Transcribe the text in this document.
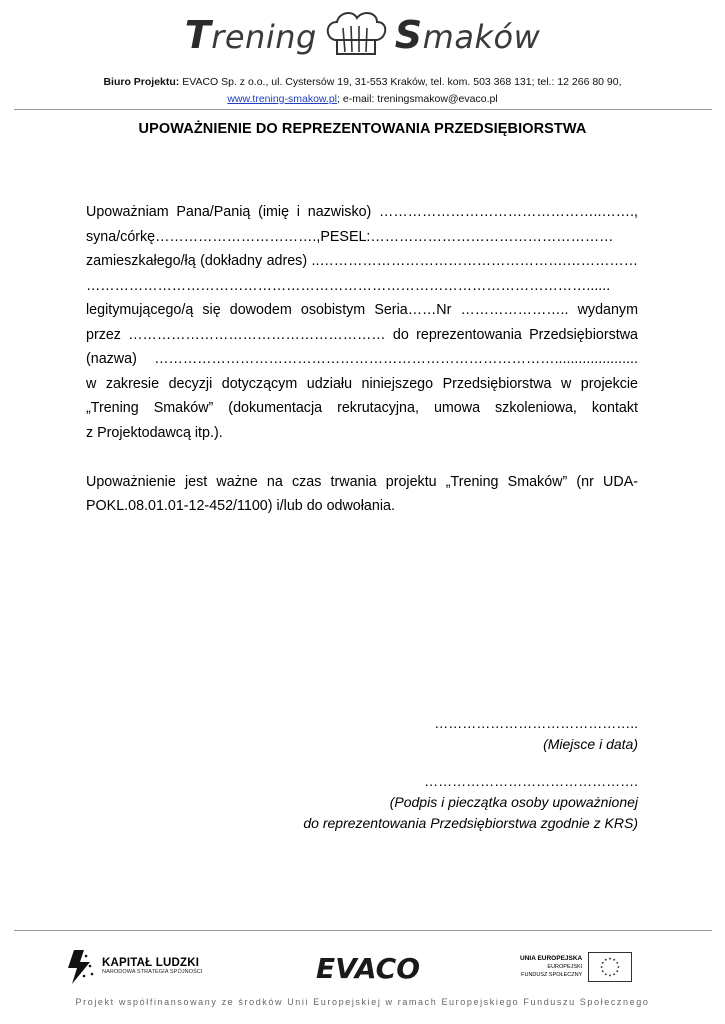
Trening Smaków
Biuro Projektu: EVACO Sp. z o.o., ul. Cystersów 19, 31-553 Kraków, tel. kom. 503 368 131; tel.: 12 266 80 90,
www.trening-smakow.pl; e-mail: treningsmakow@evaco.pl
UPOWAŻNIENIE DO REPREZENTOWANIA PRZEDSIĘBIORSTWA
Upoważniam Pana/Panią (imię i nazwisko) ………………………………………..…….,
syna/córkę…………………………….,PESEL:……………………………………………
zamieszkałego/łą (dokładny adres) ..…………………………………………….……………
……………………………………………………………………………………………......
legitymującego/ą się dowodem osobistym Seria……Nr ………………….. wydanym
przez ……………………………………………… do reprezentowania Przedsiębiorstwa
(nazwa) ………………………………………………………………………….....................
w zakresie decyzji dotyczącym udziału niniejszego Przedsiębiorstwa w projekcie
„Trening Smaków” (dokumentacja rekrutacyjna, umowa szkoleniowa, kontakt
z Projektodawcą itp.).
Upoważnienie jest ważne na czas trwania projektu „Trening Smaków” (nr UDA-
POKL.08.01.01-12-452/1100) i/lub do odwołania.
……………………………………..
(Miejsce i data)
……………………………………….
(Podpis i pieczątka osoby upoważnionej
do reprezentowania Przedsiębiorstwa zgodnie z KRS)
KAPITAŁ LUDZKI
NARODOWA STRATEGIA SPÓJNOŚCI	EVACO	UNIA EUROPEJSKA
EUROPEJSKI
FUNDUSZ SPOŁECZNY
Projekt współfinansowany ze środków Unii Europejskiej w ramach Europejskiego Funduszu Społecznego
